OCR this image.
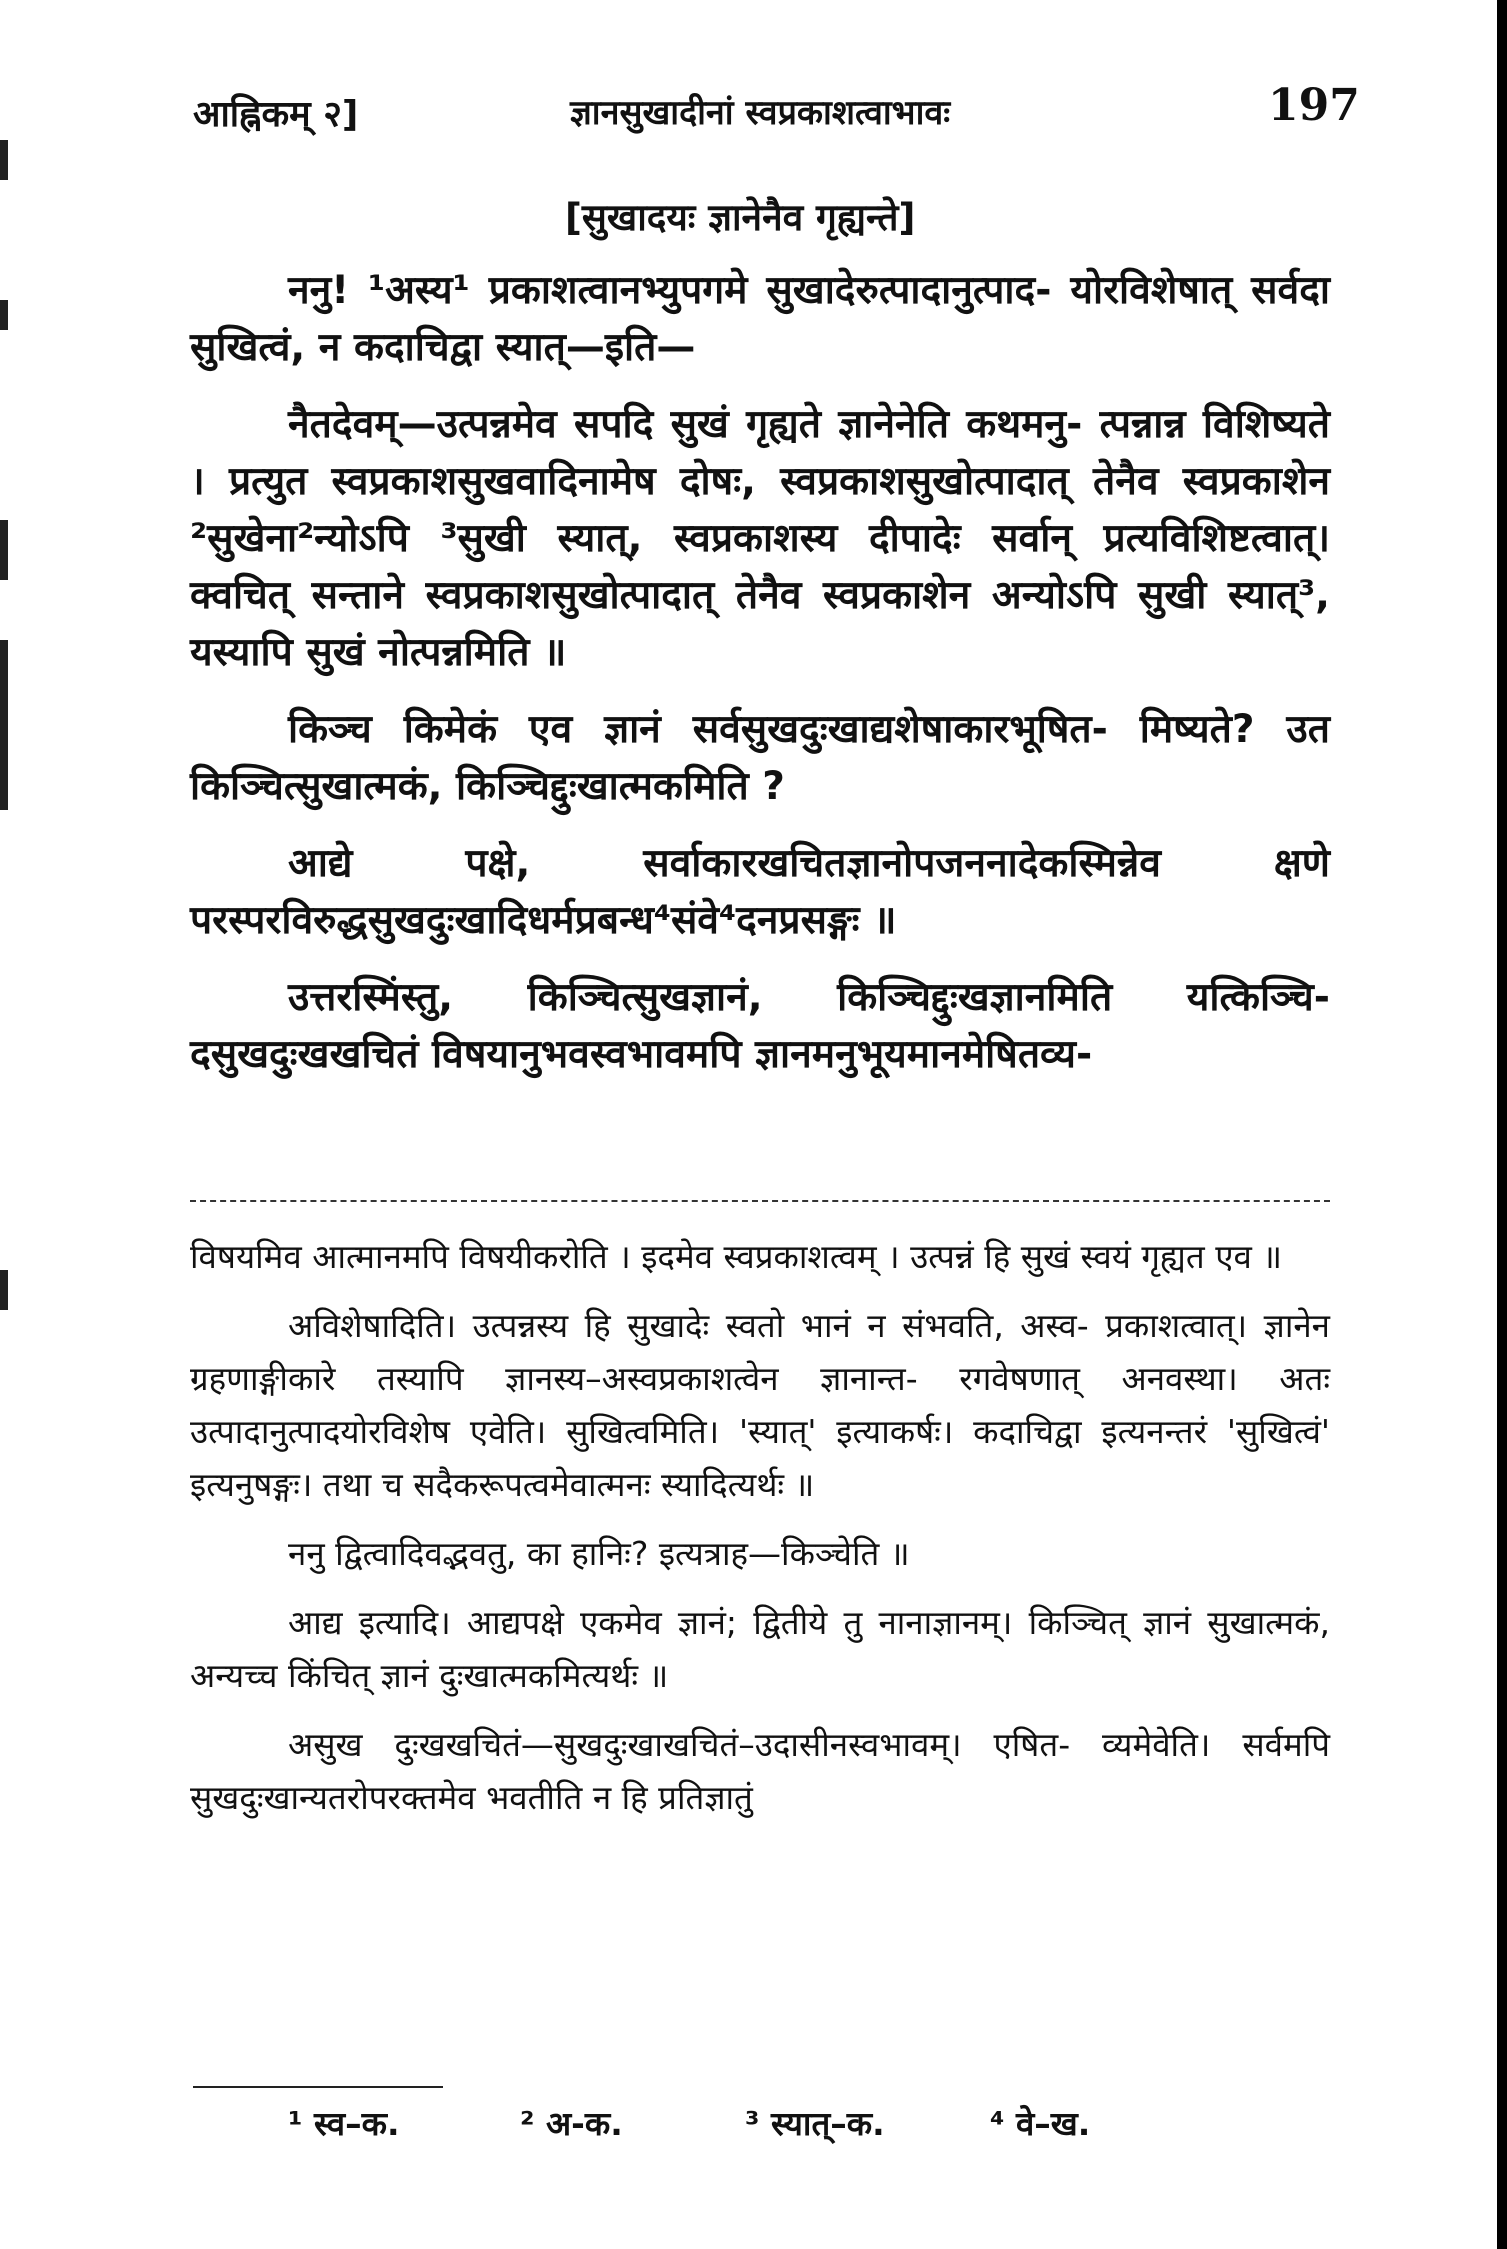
आह्निकम् २]	ज्ञानसुखादीनां स्वप्रकाशत्वाभावः	197
[सुखादयः ज्ञानेनैव गृह्यन्ते]

ननु! ¹अस्य¹ प्रकाशत्वानभ्युपगमे सुखादेरुत्पादानुत्पाद- योरविशेषात् सर्वदा सुखित्वं, न कदाचिद्वा स्यात्—इति—

नैतदेवम्—उत्पन्नमेव सपदि सुखं गृह्यते ज्ञानेनेति कथमनु- त्पन्नान्न विशिष्यते । प्रत्युत स्वप्रकाशसुखवादिनामेष दोषः, स्वप्रकाशसुखोत्पादात् तेनैव स्वप्रकाशेन ²सुखेना²न्योऽपि ³सुखी स्यात्, स्वप्रकाशस्य दीपादेः सर्वान् प्रत्यविशिष्टत्वात्। क्वचित् सन्ताने स्वप्रकाशसुखोत्पादात् तेनैव स्वप्रकाशेन अन्योऽपि सुखी स्यात्³, यस्यापि सुखं नोत्पन्नमिति ॥

किञ्च किमेकं एव ज्ञानं सर्वसुखदुःखाद्यशेषाकारभूषित- मिष्यते? उत किञ्चित्सुखात्मकं, किञ्चिद्दुःखात्मकमिति ?

आद्ये पक्षे, सर्वाकारखचितज्ञानोपजननादेकस्मिन्नेव क्षणे परस्परविरुद्धसुखदुःखादिधर्मप्रबन्ध⁴संवे⁴दनप्रसङ्गः ॥

उत्तरस्मिंस्तु, किञ्चित्सुखज्ञानं, किञ्चिद्दुःखज्ञानमिति यत्किञ्चि- दसुखदुःखखचितं विषयानुभवस्वभावमपि ज्ञानमनुभूयमानमेषितव्य-

विषयमिव आत्मानमपि विषयीकरोति । इदमेव स्वप्रकाशत्वम् । उत्पन्नं हि सुखं स्वयं गृह्यत एव ॥

अविशेषादिति। उत्पन्नस्य हि सुखादेः स्वतो भानं न संभवति, अस्व- प्रकाशत्वात्। ज्ञानेन ग्रहणाङ्गीकारे तस्यापि ज्ञानस्य–अस्वप्रकाशत्वेन ज्ञानान्त- रगवेषणात् अनवस्था। अतः उत्पादानुत्पादयोरविशेष एवेति। सुखित्वमिति। 'स्यात्' इत्याकर्षः। कदाचिद्वा इत्यनन्तरं 'सुखित्वं' इत्यनुषङ्गः। तथा च सदैकरूपत्वमेवात्मनः स्यादित्यर्थः ॥

ननु द्वित्वादिवद्भवतु, का हानिः? इत्यत्राह—किञ्चेति ॥

आद्य इत्यादि। आद्यपक्षे एकमेव ज्ञानं; द्वितीये तु नानाज्ञानम्। किञ्चित् ज्ञानं सुखात्मकं, अन्यच्च किंचित् ज्ञानं दुःखात्मकमित्यर्थः ॥

असुख दुःखखचितं—सुखदुःखाखचितं–उदासीनस्वभावम्। एषित- व्यमेवेति। सर्वमपि सुखदुःखान्यतरोपरक्तमेव भवतीति न हि प्रतिज्ञातुं

¹ स्व–क.	² अ-क.	³ स्यात्–क.	⁴ वे–ख.
